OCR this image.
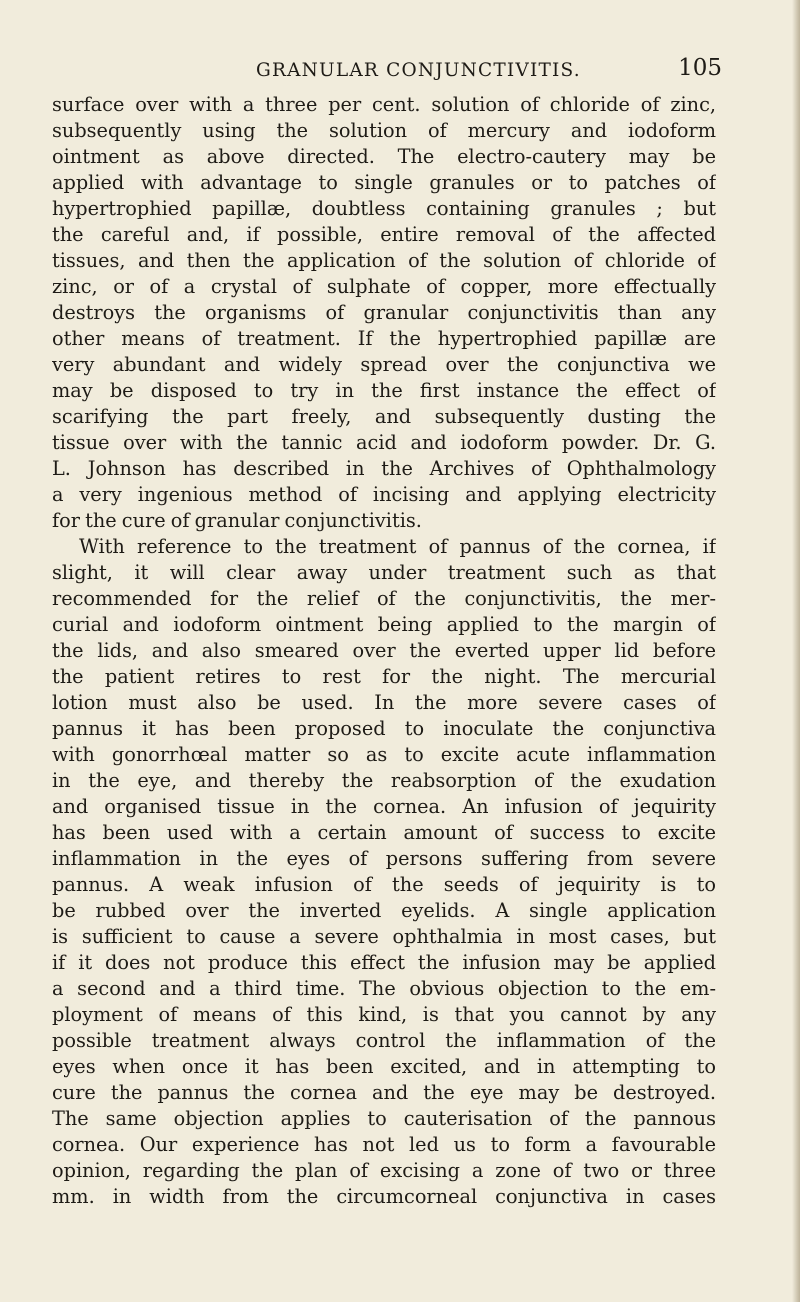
GRANULAR CONJUNCTIVITIS.	105
surface over with a three per cent. solution of chloride of zinc,
subsequently using the solution of mercury and iodoform
ointment as above directed. The electro-cautery may be
applied with advantage to single granules or to patches of
hypertrophied papillæ, doubtless containing granules ; but
the careful and, if possible, entire removal of the affected
tissues, and then the application of the solution of chloride of
zinc, or of a crystal of sulphate of copper, more effectually
destroys the organisms of granular conjunctivitis than any
other means of treatment. If the hypertrophied papillæ are
very abundant and widely spread over the conjunctiva we
may be disposed to try in the first instance the effect of
scarifying the part freely, and subsequently dusting the
tissue over with the tannic acid and iodoform powder. Dr. G.
L. Johnson has described in the Archives of Ophthalmology
a very ingenious method of incising and applying electricity
for the cure of granular conjunctivitis.
With reference to the treatment of pannus of the cornea, if
slight, it will clear away under treatment such as that
recommended for the relief of the conjunctivitis, the mer-
curial and iodoform ointment being applied to the margin of
the lids, and also smeared over the everted upper lid before
the patient retires to rest for the night. The mercurial
lotion must also be used. In the more severe cases of
pannus it has been proposed to inoculate the conjunctiva
with gonorrhœal matter so as to excite acute inflammation
in the eye, and thereby the reabsorption of the exudation
and organised tissue in the cornea. An infusion of jequirity
has been used with a certain amount of success to excite
inflammation in the eyes of persons suffering from severe
pannus. A weak infusion of the seeds of jequirity is to
be rubbed over the inverted eyelids. A single application
is sufficient to cause a severe ophthalmia in most cases, but
if it does not produce this effect the infusion may be applied
a second and a third time. The obvious objection to the em-
ployment of means of this kind, is that you cannot by any
possible treatment always control the inflammation of the
eyes when once it has been excited, and in attempting to
cure the pannus the cornea and the eye may be destroyed.
The same objection applies to cauterisation of the pannous
cornea. Our experience has not led us to form a favourable
opinion, regarding the plan of excising a zone of two or three
mm. in width from the circumcorneal conjunctiva in cases
